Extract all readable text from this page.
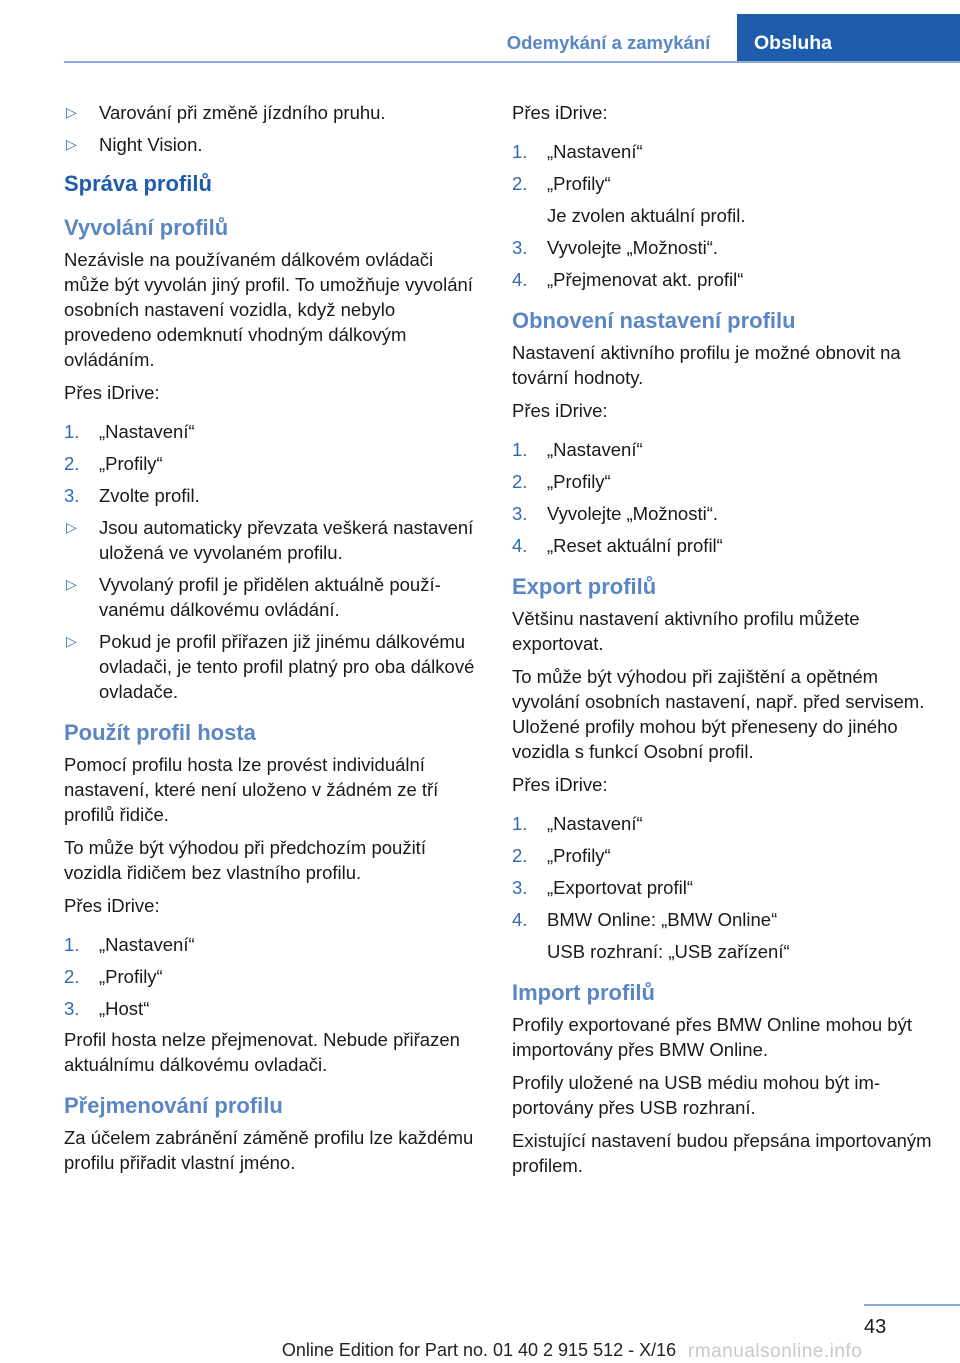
Odemykání a zamykání	Obsluha
▷ Varování při změně jízdního pruhu.
▷ Night Vision.
Správa profilů
Vyvolání profilů

Nezávisle na používaném dálkovém ovládači může být vyvolán jiný profil. To umožňuje vyvolání osobních nastavení vozidla, když nebylo provedeno odemknutí vhodným dálkovým ovládáním.

Přes iDrive:

1. „Nastavení“
2. „Profily“
3. Zvolte profil.
▷ Jsou automaticky převzata veškerá nastavení uložená ve vyvolaném profilu.
▷ Vyvolaný profil je přidělen aktuálně používanému dálkovému ovládání.
▷ Pokud je profil přiřazen již jinému dálkovému ovladači, je tento profil platný pro oba dálkové ovladače.
Použít profil hosta

Pomocí profilu hosta lze provést individuální nastavení, které není uloženo v žádném ze tří profilů řidiče.

To může být výhodou při předchozím použití vozidla řidičem bez vlastního profilu.

Přes iDrive:

1. „Nastavení“
2. „Profily“
3. „Host“

Profil hosta nelze přejmenovat. Nebude přiřazen aktuálnímu dálkovému ovladači.

Přejmenování profilu

Za účelem zabránění záměně profilu lze každému profilu přiřadit vlastní jméno.

Přes iDrive:

1. „Nastavení“
2. „Profily“
Je zvolen aktuální profil.
3. Vyvolejte „Možnosti“.
4. „Přejmenovat akt. profil“
Obnovení nastavení profilu

Nastavení aktivního profilu je možné obnovit na tovární hodnoty.

Přes iDrive:

1. „Nastavení“
2. „Profily“
3. Vyvolejte „Možnosti“.
4. „Reset aktuální profil“
Export profilů

Většinu nastavení aktivního profilu můžete exportovat.

To může být výhodou při zajištění a opětném vyvolání osobních nastavení, např. před servisem. Uložené profily mohou být přeneseny do jiného vozidla s funkcí Osobní profil.

Přes iDrive:

1. „Nastavení“
2. „Profily“
3. „Exportovat profil“
4. BMW Online: „BMW Online“
USB rozhraní: „USB zařízení“
Import profilů

Profily exportované přes BMW Online mohou být importovány přes BMW Online.

Profily uložené na USB médiu mohou být importovány přes USB rozhraní.

Existující nastavení budou přepsána importovaným profilem.

43
Online Edition for Part no. 01 40 2 915 512 - X/16 rmanualsonline.info
